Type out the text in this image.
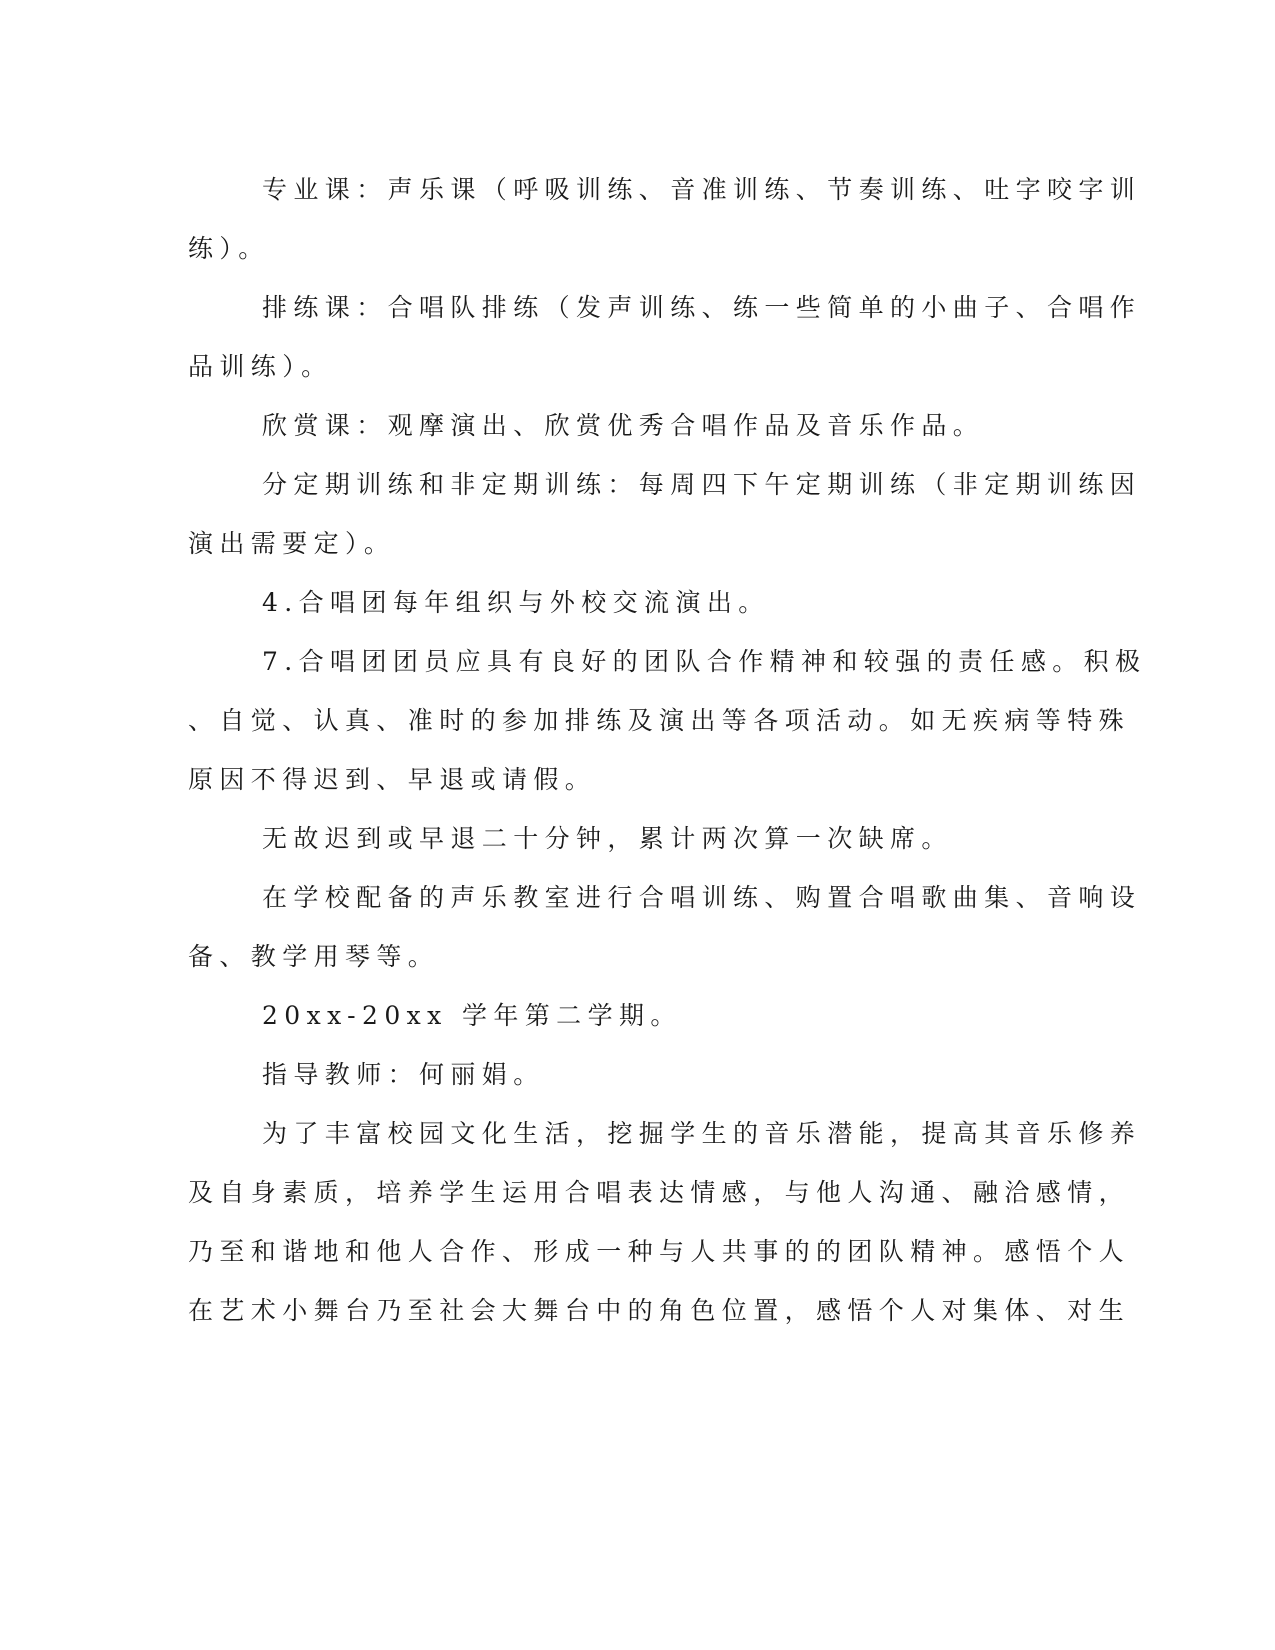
专业课：声乐课（呼吸训练、音准训练、节奏训练、吐字咬字训
练）。
排练课：合唱队排练（发声训练、练一些简单的小曲子、合唱作
品训练）。
欣赏课：观摩演出、欣赏优秀合唱作品及音乐作品。
分定期训练和非定期训练：每周四下午定期训练（非定期训练因
演出需要定）。
4.合唱团每年组织与外校交流演出。
7.合唱团团员应具有良好的团队合作精神和较强的责任感。积极
、自觉、认真、准时的参加排练及演出等各项活动。如无疾病等特殊
原因不得迟到、早退或请假。
无故迟到或早退二十分钟，累计两次算一次缺席。
在学校配备的声乐教室进行合唱训练、购置合唱歌曲集、音响设
备、教学用琴等。
20xx-20xx 学年第二学期。
指导教师：何丽娟。
为了丰富校园文化生活，挖掘学生的音乐潜能，提高其音乐修养
及自身素质，培养学生运用合唱表达情感，与他人沟通、融洽感情，
乃至和谐地和他人合作、形成一种与人共事的的团队精神。感悟个人
在艺术小舞台乃至社会大舞台中的角色位置，感悟个人对集体、对生
